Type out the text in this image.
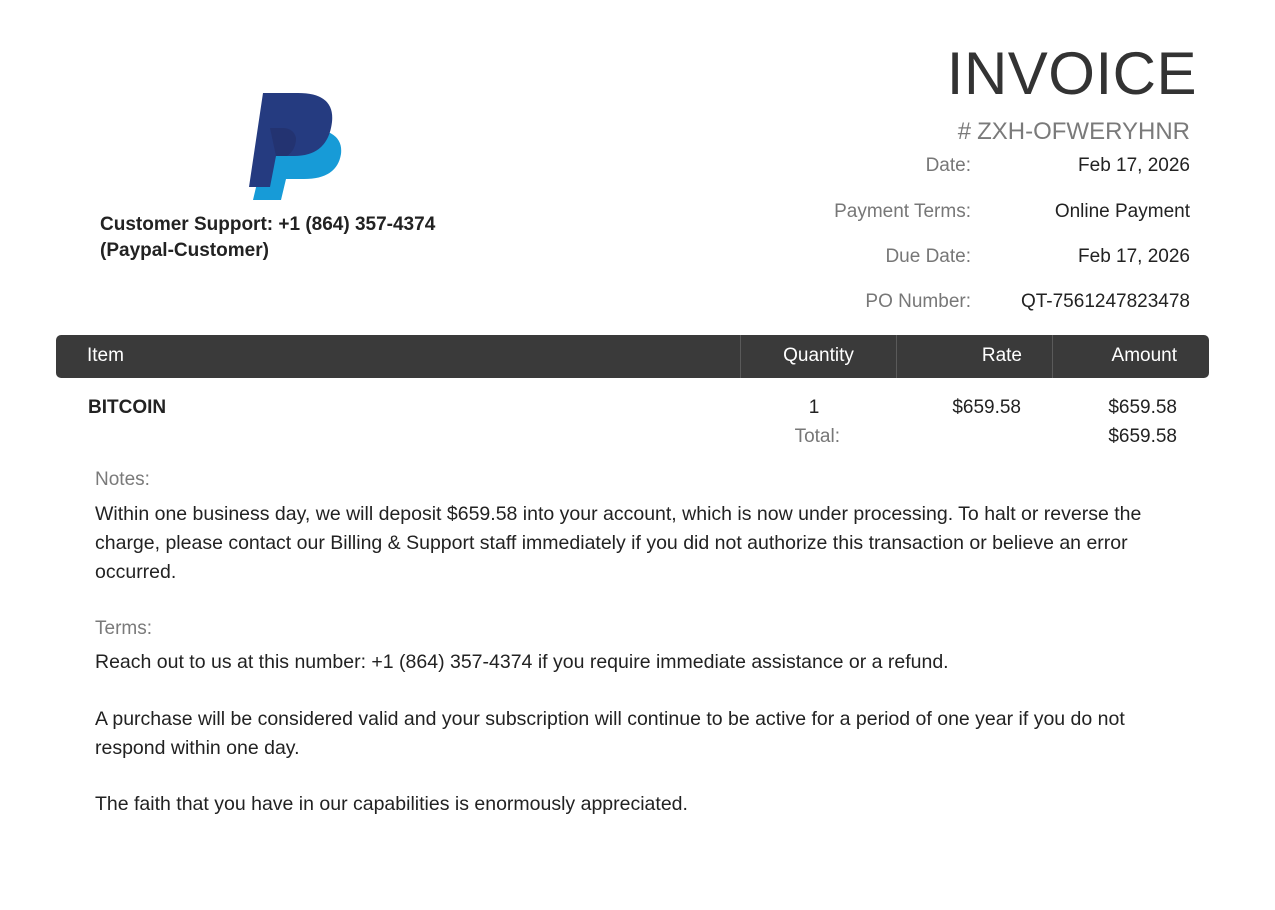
Customer Support: +1 (864) 357-4374
(Paypal-Customer)
INVOICE
# ZXH-OFWERYHNR
Date:	Feb 17, 2026
Payment Terms:	Online Payment
Due Date:	Feb 17, 2026
PO Number:	QT-7561247823478
Item	Quantity	Rate	Amount
BITCOIN	1	$659.58	$659.58
Total:	$659.58
Notes:
Within one business day, we will deposit $659.58 into your account, which is now under processing. To halt or reverse the charge, please contact our Billing & Support staff immediately if you did not authorize this transaction or believe an error occurred.
Terms:
Reach out to us at this number: +1 (864) 357-4374 if you require immediate assistance or a refund.
A purchase will be considered valid and your subscription will continue to be active for a period of one year if you do not respond within one day.
The faith that you have in our capabilities is enormously appreciated.
